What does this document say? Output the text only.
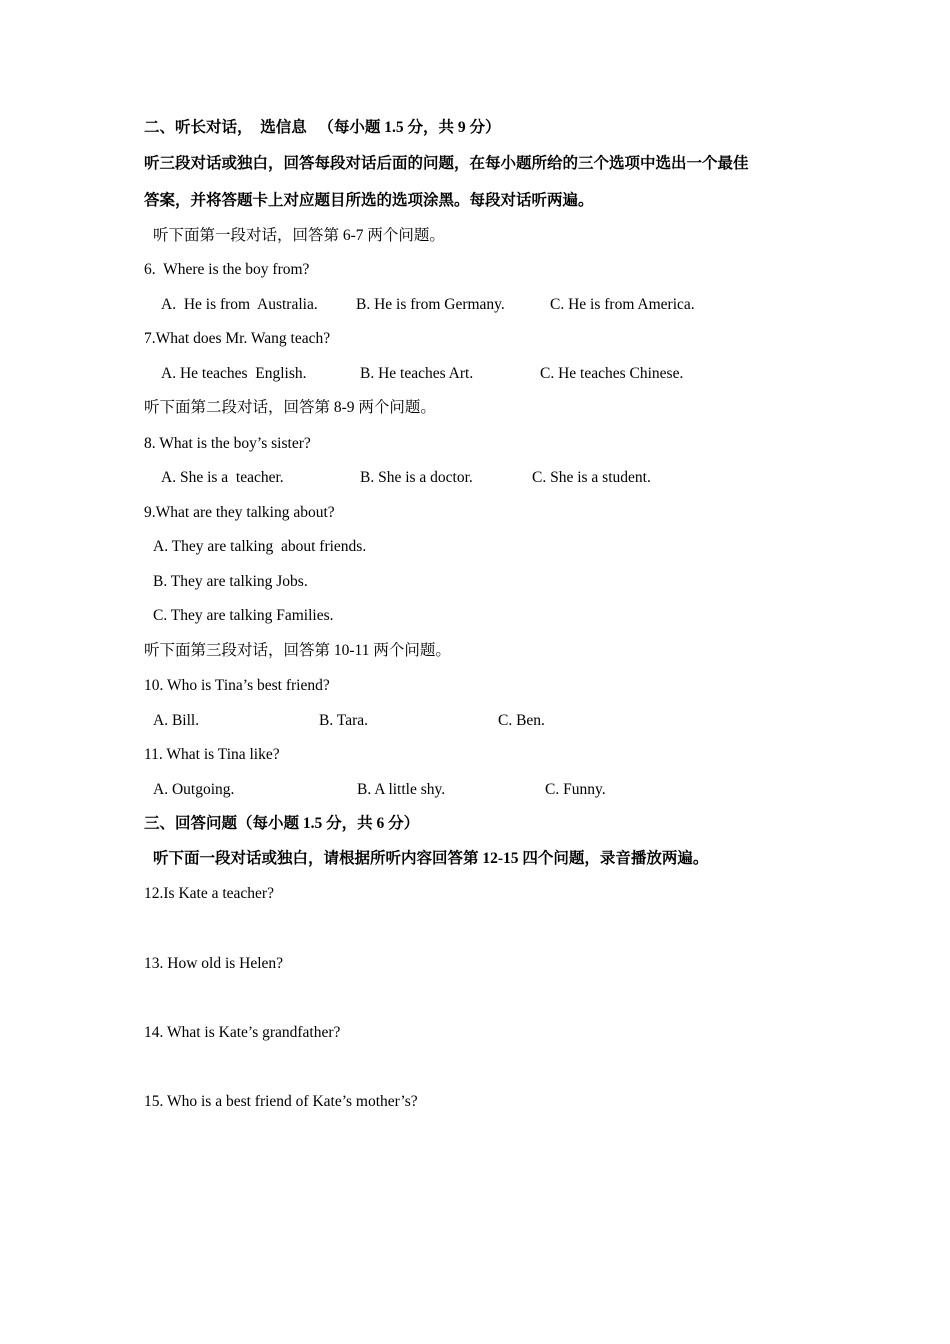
二、听长对话，  选信息   （每小题 1.5 分，共 9 分）
听三段对话或独白，回答每段对话后面的问题，在每小题所给的三个选项中选出一个最佳
答案，并将答题卡上对应题目所选的选项涂黑。每段对话听两遍。
听下面第一段对话，回答第 6-7 两个问题。
6.  Where is the boy from?
A.  He is from  Australia. B. He is from Germany.	C. He is from America.
7.What does Mr. Wang teach?
A. He teaches  English.	B. He teaches Art.	C. He teaches Chinese.
听下面第二段对话，回答第 8-9 两个问题。
8. What is the boy’s sister?
A. She is a  teacher.	B. She is a doctor.	C. She is a student.
9.What are they talking about?
A. They are talking  about friends.
B. They are talking Jobs.
C. They are talking Families.
听下面第三段对话，回答第 10-11 两个问题。
10. Who is Tina’s best friend?
A. Bill.	B. Tara.	C. Ben.
11. What is Tina like?
A. Outgoing.	B. A little shy.	C. Funny.
三、回答问题（每小题 1.5 分，共 6 分）
听下面一段对话或独白，请根据所听内容回答第 12-15 四个问题，录音播放两遍。
12.Is Kate a teacher?
13. How old is Helen?
14. What is Kate’s grandfather?
15. Who is a best friend of Kate’s mother’s?
